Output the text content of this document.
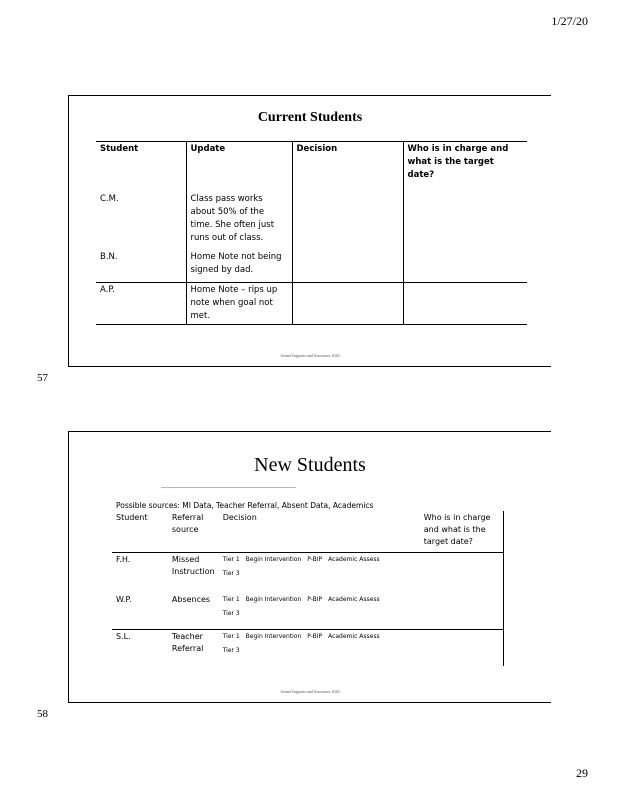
1/27/20
Current Students
Student	Update	Decision	Who is in charge and what is the target date?
C.M.	Class pass works about 50% of the time. She often just runs out of class.		
B.N.	Home Note not being signed by dad.		
A.P.	Home Note – rips up note when goal not met.		
Sound Supports and Associates 2020
57
New Students
Possible sources: MI Data, Teacher Referral, Absent Data, Academics
Student	Referral source	Decision	Who is in charge and what is the target date?
F.H.	Missed Instruction	Tier 1 Begin Intervention P-BIP Academic Assess
Tier 3	

W.P.	Absences	Tier 1 Begin Intervention P-BIP Academic Assess
Tier 3	

S.L.	Teacher Referral	Tier 1 Begin Intervention P-BIP Academic Assess
Tier 3	

Sound Supports and Associates 2020
58
29
